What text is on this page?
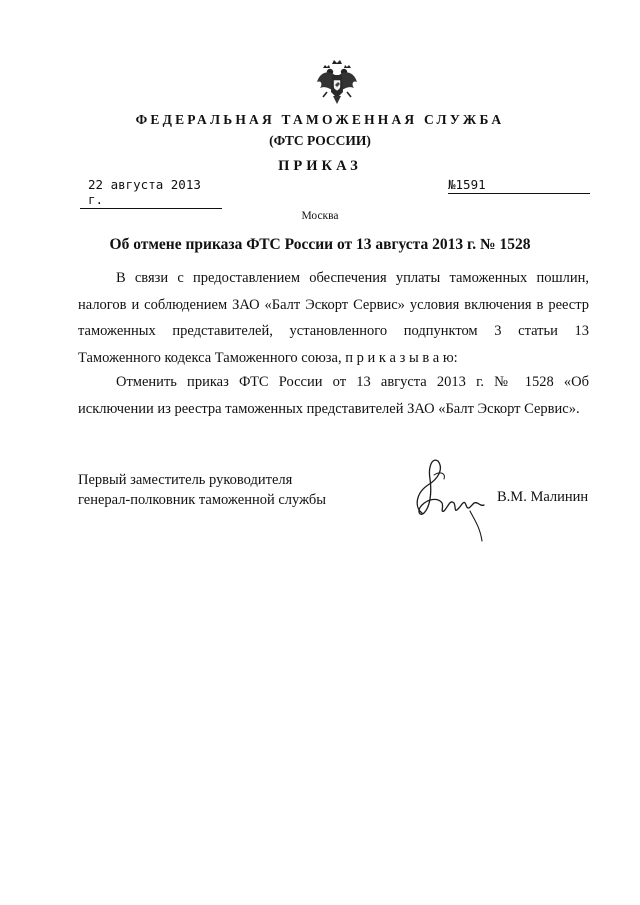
ФЕДЕРАЛЬНАЯ ТАМОЖЕННАЯ СЛУЖБА
(ФТС РОССИИ)
ПРИКАЗ
22 августа 2013 г.
№1591
Москва
Об отмене приказа ФТС России от 13 августа 2013 г. № 1528

В связи с предоставлением обеспечения уплаты таможенных пошлин, налогов и соблюдением ЗАО «Балт Эскорт Сервис» условия включения в реестр таможенных представителей, установленного подпунктом 3 статьи 13 Таможенного кодекса Таможенного союза, п р и к а з ы в а ю:

Отменить приказ ФТС России от 13 августа 2013 г. № 1528 «Об исключении из реестра таможенных представителей ЗАО «Балт Эскорт Сервис».

Первый заместитель руководителя
генерал-полковник таможенной службы	В.М. Малинин
